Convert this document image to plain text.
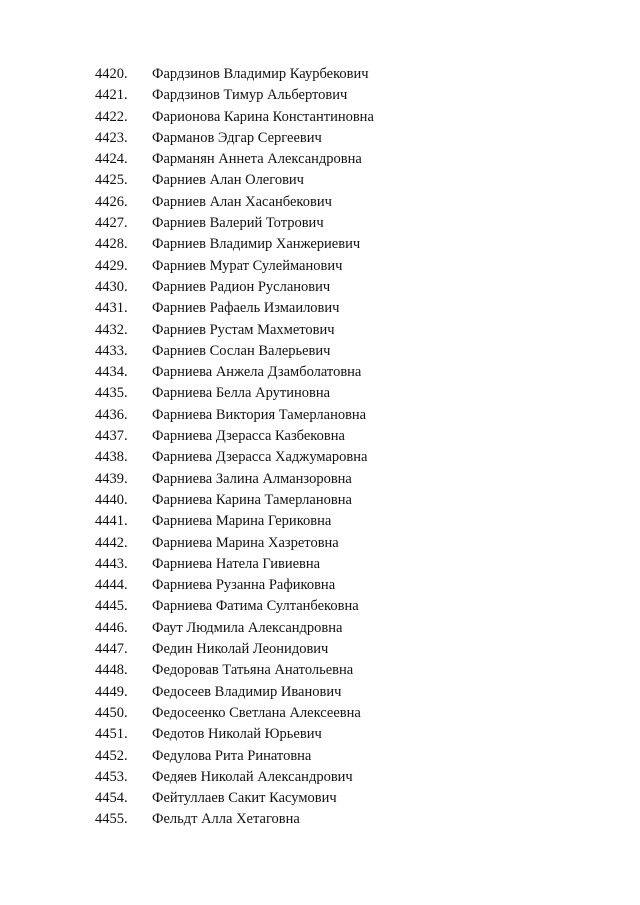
4420. Фардзинов Владимир Каурбекович
4421. Фардзинов Тимур Альбертович
4422. Фарионова Карина Константиновна
4423. Фарманов Эдгар Сергеевич
4424. Фарманян Аннета Александровна
4425. Фарниев Алан Олегович
4426. Фарниев Алан Хасанбекович
4427. Фарниев Валерий Тотрович
4428. Фарниев Владимир Ханжериевич
4429. Фарниев Мурат Сулейманович
4430. Фарниев Радион Русланович
4431. Фарниев Рафаель Измаилович
4432. Фарниев Рустам Махметович
4433. Фарниев Сослан Валерьевич
4434. Фарниева Анжела Дзамболатовна
4435. Фарниева Белла Арутиновна
4436. Фарниева Виктория Тамерлановна
4437. Фарниева Дзерасса Казбековна
4438. Фарниева Дзерасса Хаджумаровна
4439. Фарниева Залина Алманзоровна
4440. Фарниева Карина Тамерлановна
4441. Фарниева Марина Гериковна
4442. Фарниева Марина Хазретовна
4443. Фарниева Натела Гивиевна
4444. Фарниева Рузанна Рафиковна
4445. Фарниева Фатима Султанбековна
4446. Фаут Людмила Александровна
4447. Федин Николай Леонидович
4448. Федоровав Татьяна Анатольевна
4449. Федосеев Владимир Иванович
4450. Федосеенко Светлана Алексеевна
4451. Федотов Николай Юрьевич
4452. Федулова Рита Ринатовна
4453. Федяев Николай Александрович
4454. Фейтуллаев Сакит Касумович
4455. Фельдт Алла Хетаговна
